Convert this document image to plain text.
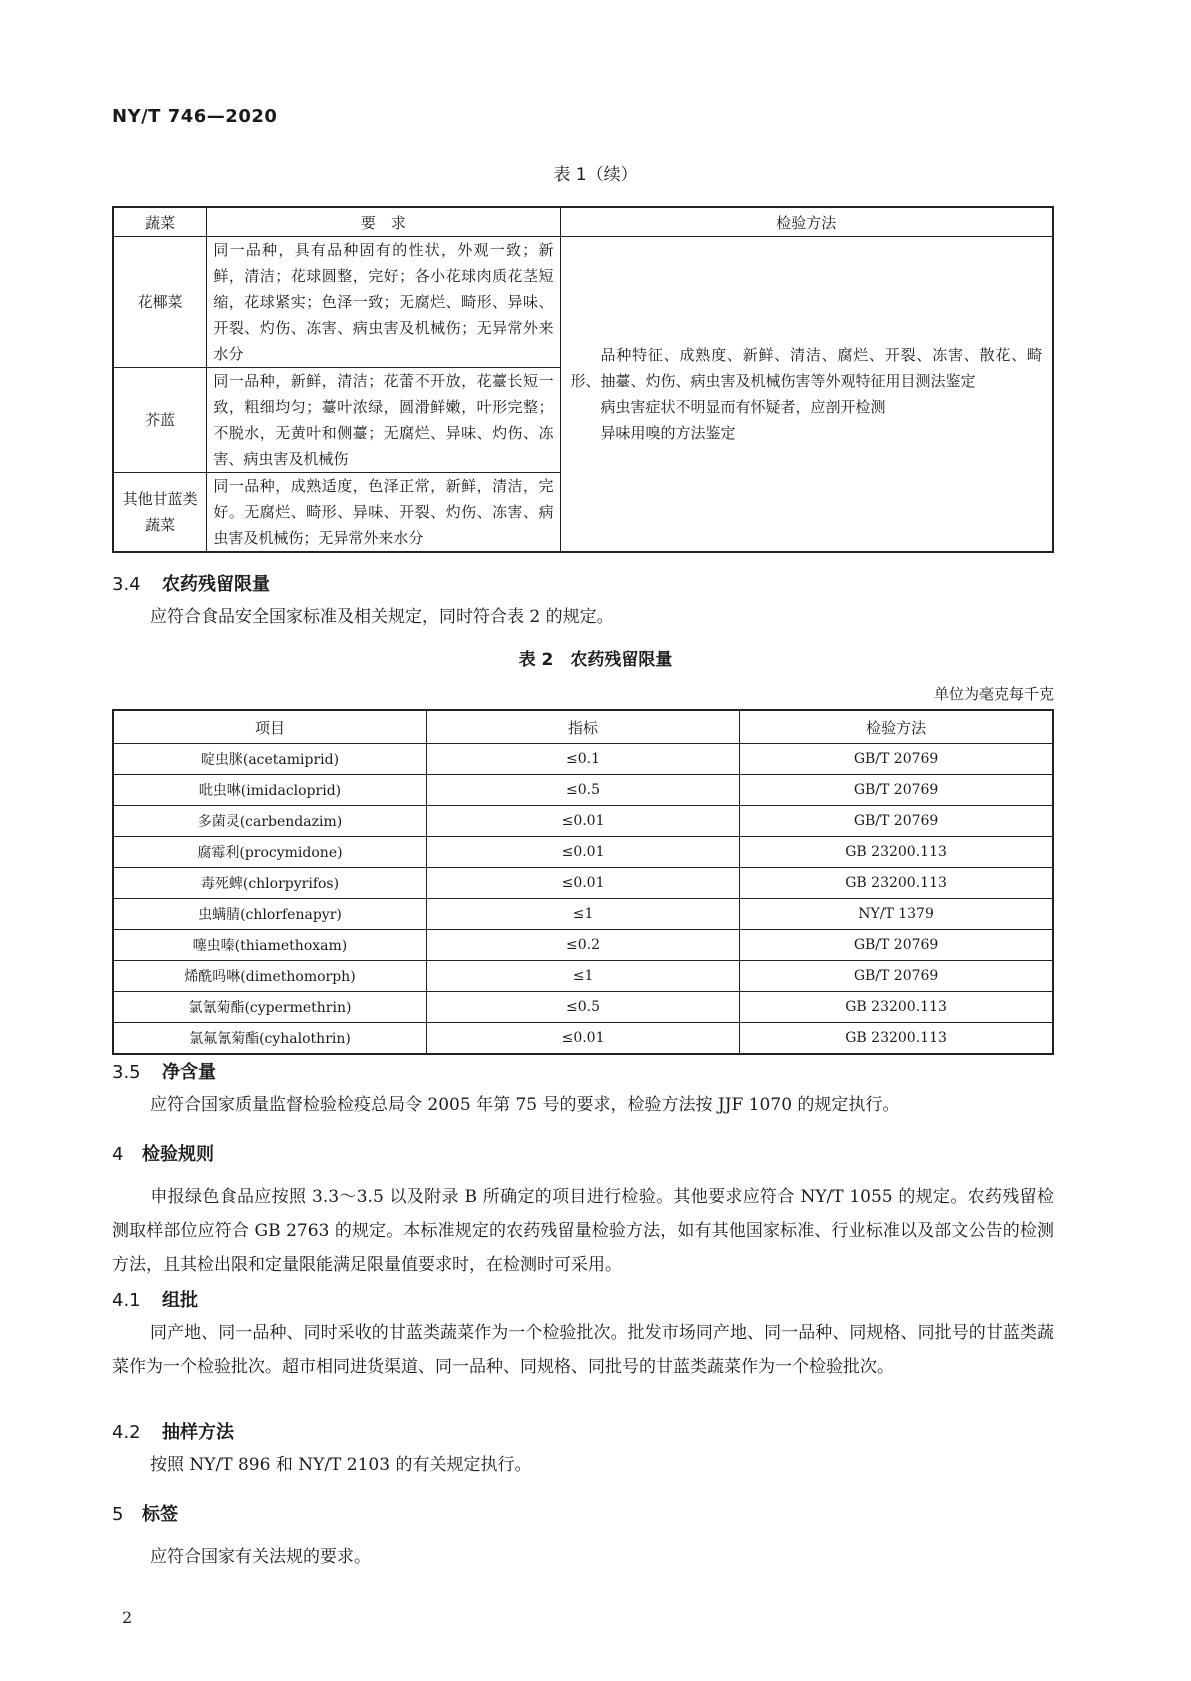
NY/T 746—2020
表 1（续）
蔬菜	要　求	检验方法
花椰菜	同一品种，具有品种固有的性状，外观一致；新鲜，清洁；花球圆整，完好；各小花球肉质花茎短缩，花球紧实；色泽一致；无腐烂、畸形、异味、开裂、灼伤、冻害、病虫害及机械伤；无异常外来水分	品种特征、成熟度、新鲜、清洁、腐烂、开裂、冻害、散花、畸形、抽薹、灼伤、病虫害及机械伤害等外观特征用目测法鉴定
病虫害症状不明显而有怀疑者，应剖开检测
异味用嗅的方法鉴定

芥蓝	同一品种，新鲜，清洁；花蕾不开放，花薹长短一致，粗细均匀；薹叶浓绿，圆滑鲜嫩，叶形完整；不脱水，无黄叶和侧薹；无腐烂、异味、灼伤、冻害、病虫害及机械伤	
其他甘蓝类蔬菜	同一品种，成熟适度，色泽正常，新鲜，清洁，完好。无腐烂、畸形、异味、开裂、灼伤、冻害、病虫害及机械伤；无异常外来水分	
3.4 农药残留限量
应符合食品安全国家标准及相关规定，同时符合表 2 的规定。
表 2　农药残留限量
单位为毫克每千克
项目	指标	检验方法
啶虫脒(acetamiprid)	≤0.1	GB/T 20769
吡虫啉(imidacloprid)	≤0.5	GB/T 20769
多菌灵(carbendazim)	≤0.01	GB/T 20769
腐霉利(procymidone)	≤0.01	GB 23200.113
毒死蜱(chlorpyrifos)	≤0.01	GB 23200.113
虫螨腈(chlorfenapyr)	≤1	NY/T 1379
噻虫嗪(thiamethoxam)	≤0.2	GB/T 20769
烯酰吗啉(dimethomorph)	≤1	GB/T 20769
氯氰菊酯(cypermethrin)	≤0.5	GB 23200.113
氯氟氰菊酯(cyhalothrin)	≤0.01	GB 23200.113
3.5 净含量
应符合国家质量监督检验检疫总局令 2005 年第 75 号的要求，检验方法按 JJF 1070 的规定执行。
4 检验规则
申报绿色食品应按照 3.3～3.5 以及附录 B 所确定的项目进行检验。其他要求应符合 NY/T 1055 的规定。农药残留检测取样部位应符合 GB 2763 的规定。本标准规定的农药残留量检验方法，如有其他国家标准、行业标准以及部文公告的检测方法，且其检出限和定量限能满足限量值要求时，在检测时可采用。
4.1 组批
同产地、同一品种、同时采收的甘蓝类蔬菜作为一个检验批次。批发市场同产地、同一品种、同规格、同批号的甘蓝类蔬菜作为一个检验批次。超市相同进货渠道、同一品种、同规格、同批号的甘蓝类蔬菜作为一个检验批次。
4.2 抽样方法
按照 NY/T 896 和 NY/T 2103 的有关规定执行。
5 标签
应符合国家有关法规的要求。
2
